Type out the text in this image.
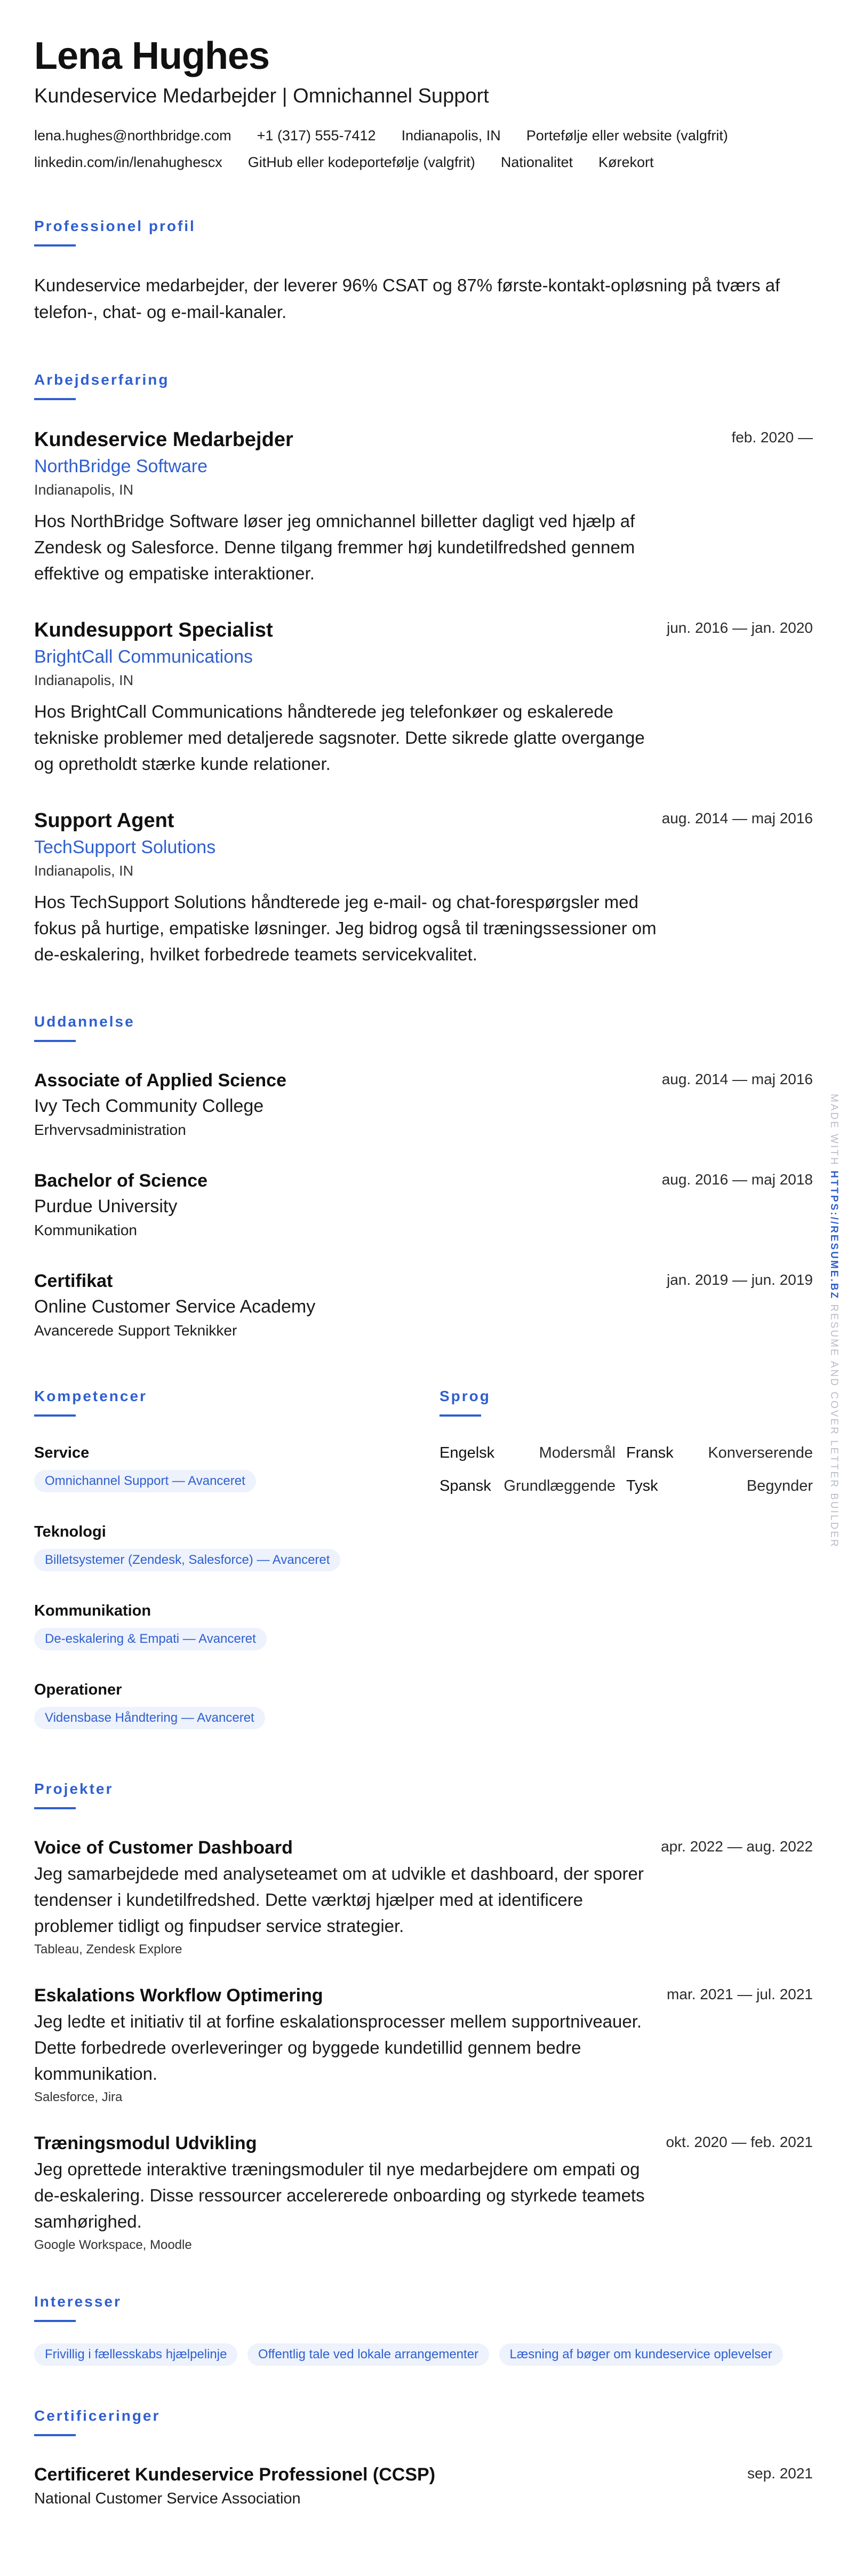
Lena Hughes
Kundeservice Medarbejder | Omnichannel Support
lena.hughes@northbridge.com +1 (317) 555-7412 Indianapolis, IN Portefølje eller website (valgfrit)
linkedin.com/in/lenahughescx GitHub eller kodeportefølje (valgfrit) Nationalitet Kørekort
Professionel profil

Kundeservice medarbejder, der leverer 96% CSAT og 87% første-kontakt-opløsning på tværs af telefon-, chat- og e-mail-kanaler.

Arbejdserfaring
feb. 2020 —
Kundeservice Medarbejder
NorthBridge Software
Indianapolis, IN

Hos NorthBridge Software løser jeg omnichannel billetter dagligt ved hjælp af Zendesk og Salesforce. Denne tilgang fremmer høj kundetilfredshed gennem effektive og empatiske interaktioner.

jun. 2016 — jan. 2020
Kundesupport Specialist
BrightCall Communications
Indianapolis, IN

Hos BrightCall Communications håndterede jeg telefonkøer og eskalerede tekniske problemer med detaljerede sagsnoter. Dette sikrede glatte overgange og opretholdt stærke kunde relationer.

aug. 2014 — maj 2016
Support Agent
TechSupport Solutions
Indianapolis, IN

Hos TechSupport Solutions håndterede jeg e-mail- og chat-forespørgsler med fokus på hurtige, empatiske løsninger. Jeg bidrog også til træningssessioner om de-eskalering, hvilket forbedrede teamets servicekvalitet.

Uddannelse
aug. 2014 — maj 2016
Associate of Applied Science
Ivy Tech Community College
Erhvervsadministration
aug. 2016 — maj 2018
Bachelor of Science
Purdue University
Kommunikation
jan. 2019 — jun. 2019
Certifikat
Online Customer Service Academy
Avancerede Support Teknikker
Kompetencer
Service
Omnichannel Support — Avanceret
Teknologi
Billetsystemer (Zendesk, Salesforce) — Avanceret
Kommunikation
De-eskalering & Empati — Avanceret
Operationer
Vidensbase Håndtering — Avanceret
Sprog
Engelsk	Modersmål Fransk Konverserende
Spansk Grundlæggende Tysk	Begynder
Projekter
apr. 2022 — aug. 2022
Voice of Customer Dashboard

Jeg samarbejdede med analyseteamet om at udvikle et dashboard, der sporer tendenser i kundetilfredshed. Dette værktøj hjælper med at identificere problemer tidligt og finpudser service strategier.

Tableau, Zendesk Explore
mar. 2021 — jul. 2021
Eskalations Workflow Optimering

Jeg ledte et initiativ til at forfine eskalationsprocesser mellem supportniveauer. Dette forbedrede overleveringer og byggede kundetillid gennem bedre kommunikation.

Salesforce, Jira
okt. 2020 — feb. 2021
Træningsmodul Udvikling

Jeg oprettede interaktive træningsmoduler til nye medarbejdere om empati og de-eskalering. Disse ressourcer accelererede onboarding og styrkede teamets samhørighed.

Google Workspace, Moodle
Interesser
Frivillig i fællesskabs hjælpelinje Offentlig tale ved lokale arrangementer Læsning af bøger om kundeservice oplevelser
Certificeringer
sep. 2021
Certificeret Kundeservice Professionel (CCSP)
National Customer Service Association
MADE WITH HTTPS://RESUME.BZ RESUME AND COVER LETTER BUILDER
